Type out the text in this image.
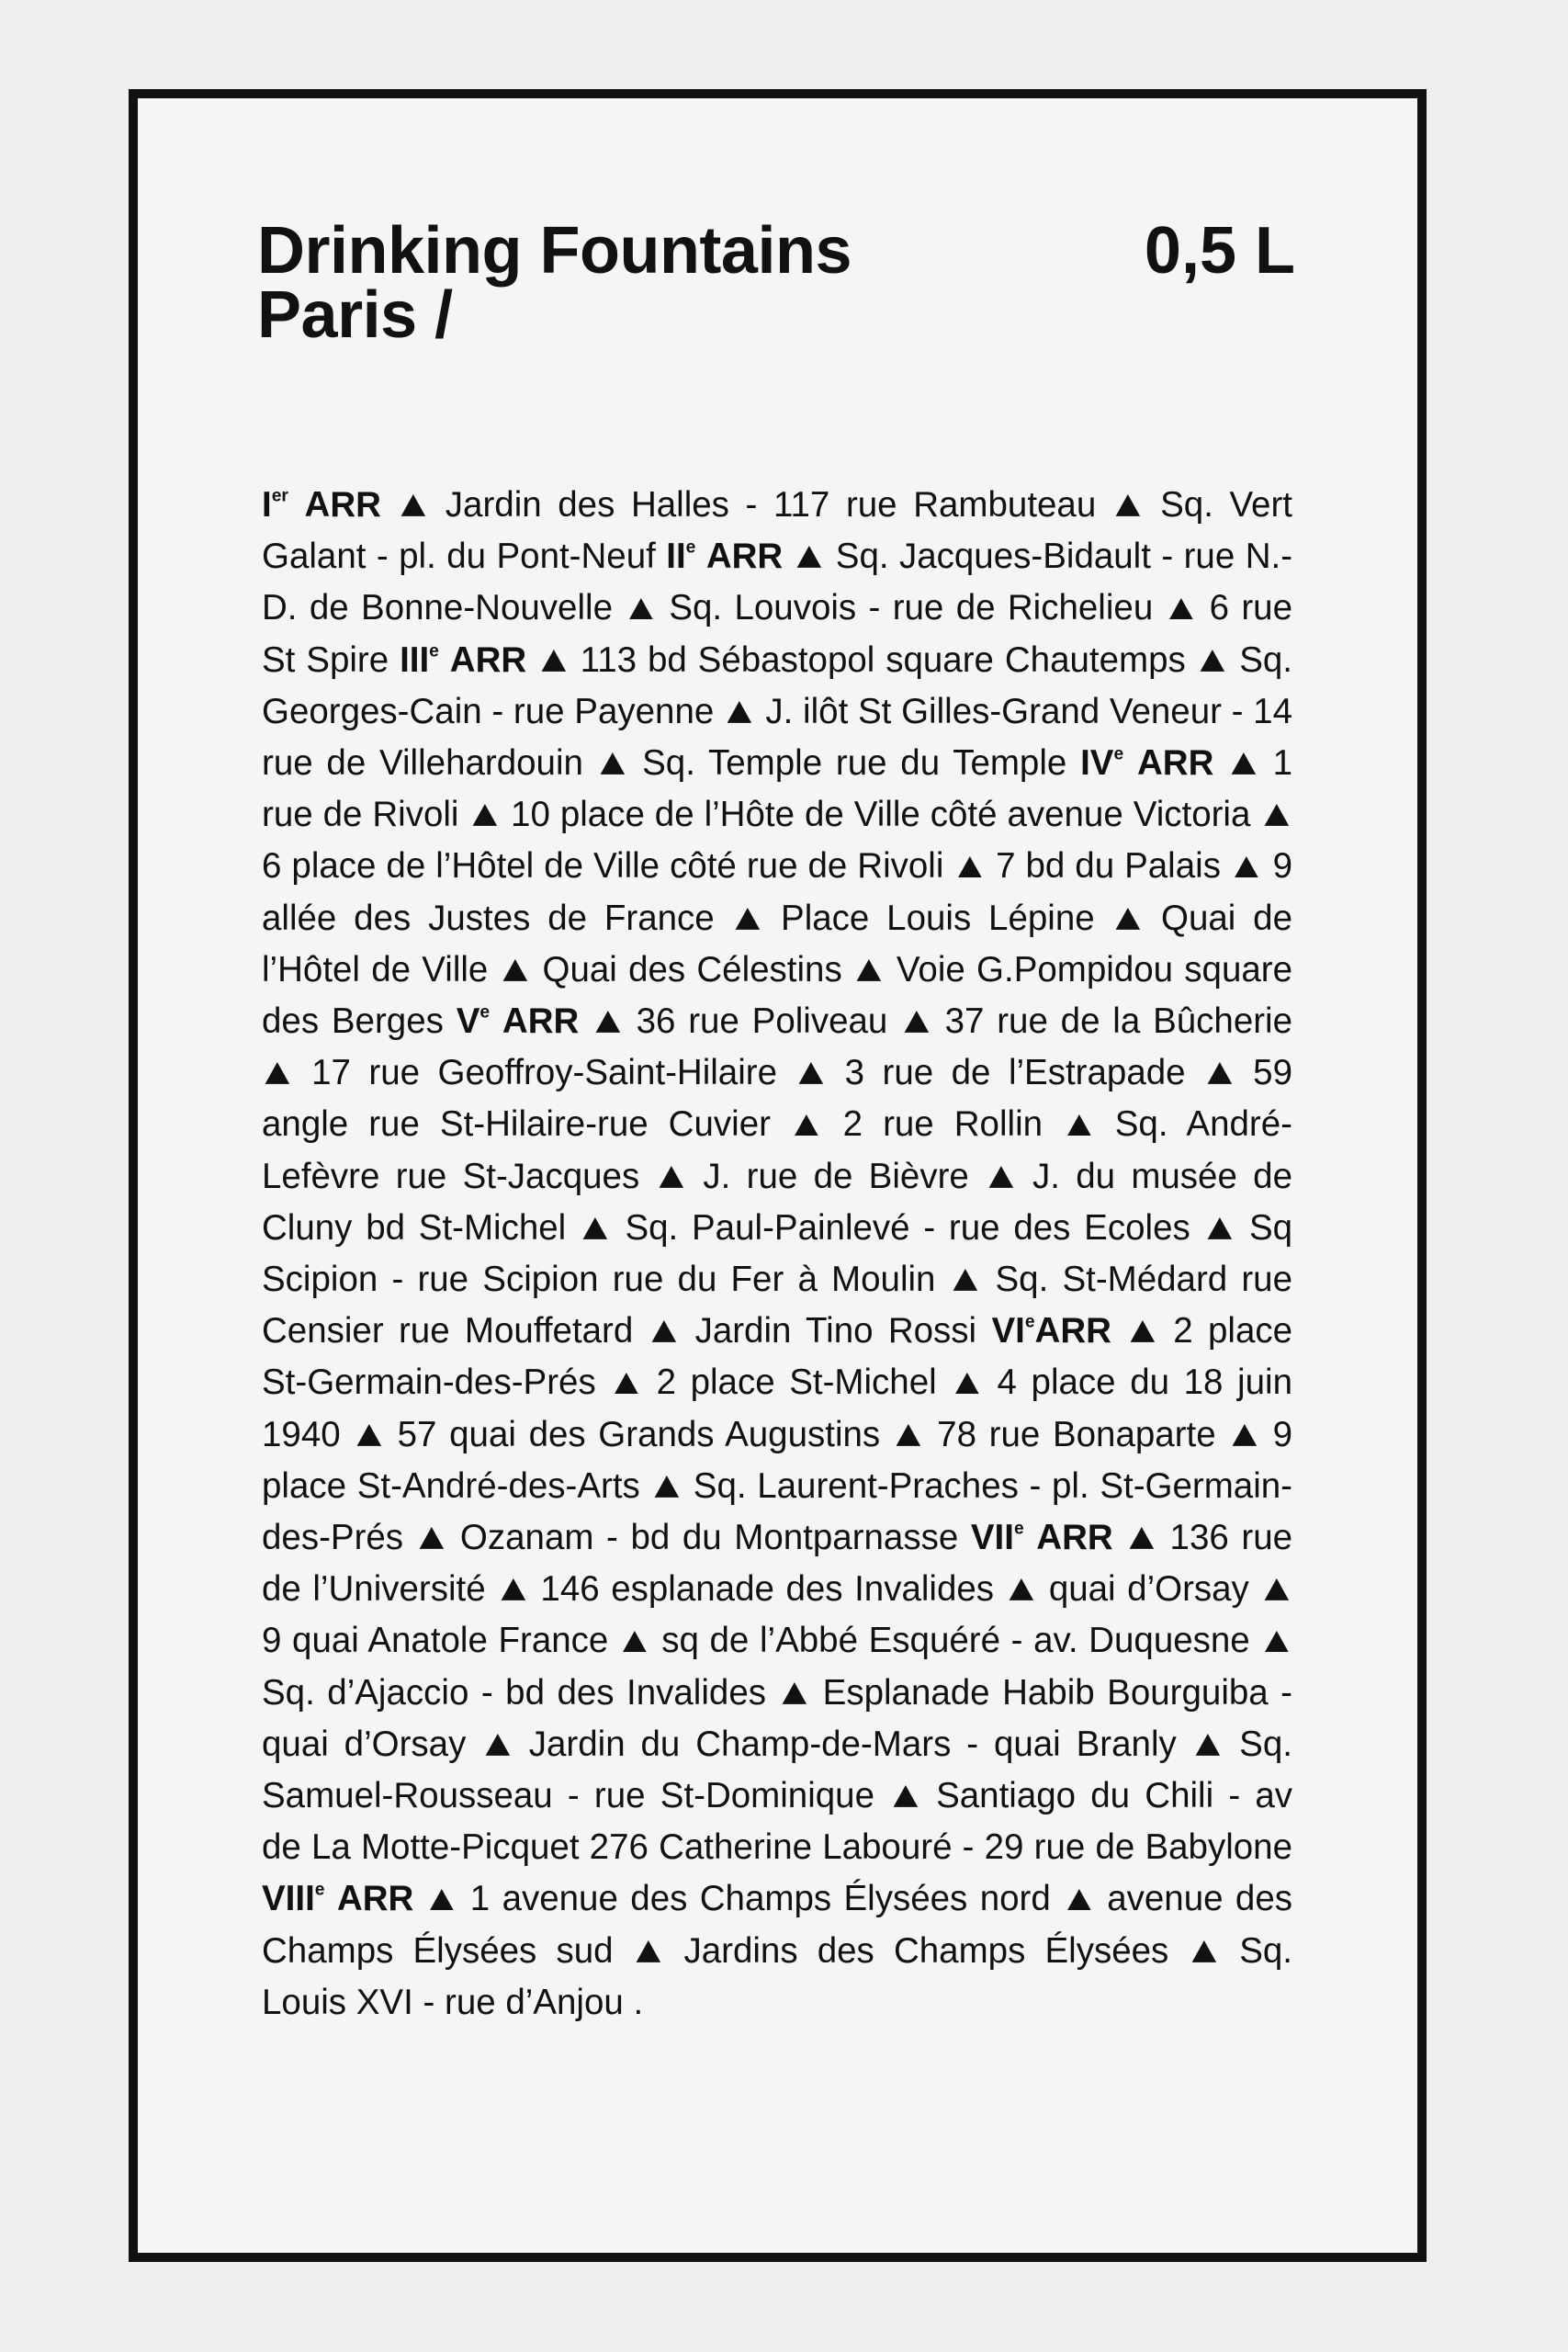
Drinking Fountains
Paris /
0,5 L

Ier ARR Jardin des Halles - 117 rue Rambuteau Sq. Vert Galant - pl. du Pont-Neuf IIe ARR Sq. Jacques-Bidault - rue N.-D. de Bonne-Nouvelle Sq. Louvois - rue de Richelieu 6 rue St Spire IIIe ARR 113 bd Sébastopol square Chautemps Sq. Georges-Cain - rue Payenne J. ilôt St Gilles-Grand Veneur - 14 rue de Villehardouin Sq. Temple rue du Temple IVe ARR 1 rue de Rivoli 10 place de l’Hôte de Ville côté avenue Victoria  6 place de l’Hôtel de Ville côté rue de Rivoli 7 bd du Palais 9 allée des Justes de France Place Louis Lépine Quai de l’Hôtel de Ville Quai des Célestins Voie G.Pompidou square des Berges Ve ARR 36 rue Poliveau 37 rue de la Bûcherie  17 rue Geoffroy-Saint-Hilaire 3 rue de l’Estrapade 59 angle rue St-Hilaire-rue Cuvier 2 rue Rollin Sq. André-Lefèvre rue St-Jacques J. rue de Bièvre J. du musée de Cluny bd St-Michel Sq. Paul-Painlevé - rue des Ecoles Sq Scipion - rue Scipion rue du Fer à Moulin Sq. St-Médard rue Censier rue Mouffetard Jardin Tino Rossi VIeARR 2 place St-Germain-des-Prés 2 place St-Michel 4 place du 18 juin 1940 57 quai des Grands Augustins 78 rue Bonaparte 9 place St-André-des-Arts Sq. Laurent-Praches - pl. St-Germain-des-Prés Ozanam - bd du Montparnasse VIIe ARR 136 rue de l’Université 146 esplanade des Invalides quai d’Orsay  9 quai Anatole France sq de l’Abbé Esquéré - av. Duquesne  Sq. d’Ajaccio - bd des Invalides Esplanade Habib Bourguiba - quai d’Orsay Jardin du Champ-de-Mars - quai Branly Sq. Samuel-Rousseau - rue St-Dominique Santiago du Chili - av de La Motte-Picquet 276 Catherine Labouré - 29 rue de Babylone VIIIe ARR 1 avenue des Champs Élysées nord avenue des Champs Élysées sud Jardins des Champs Élysées Sq. Louis XVI - rue d’Anjou .
